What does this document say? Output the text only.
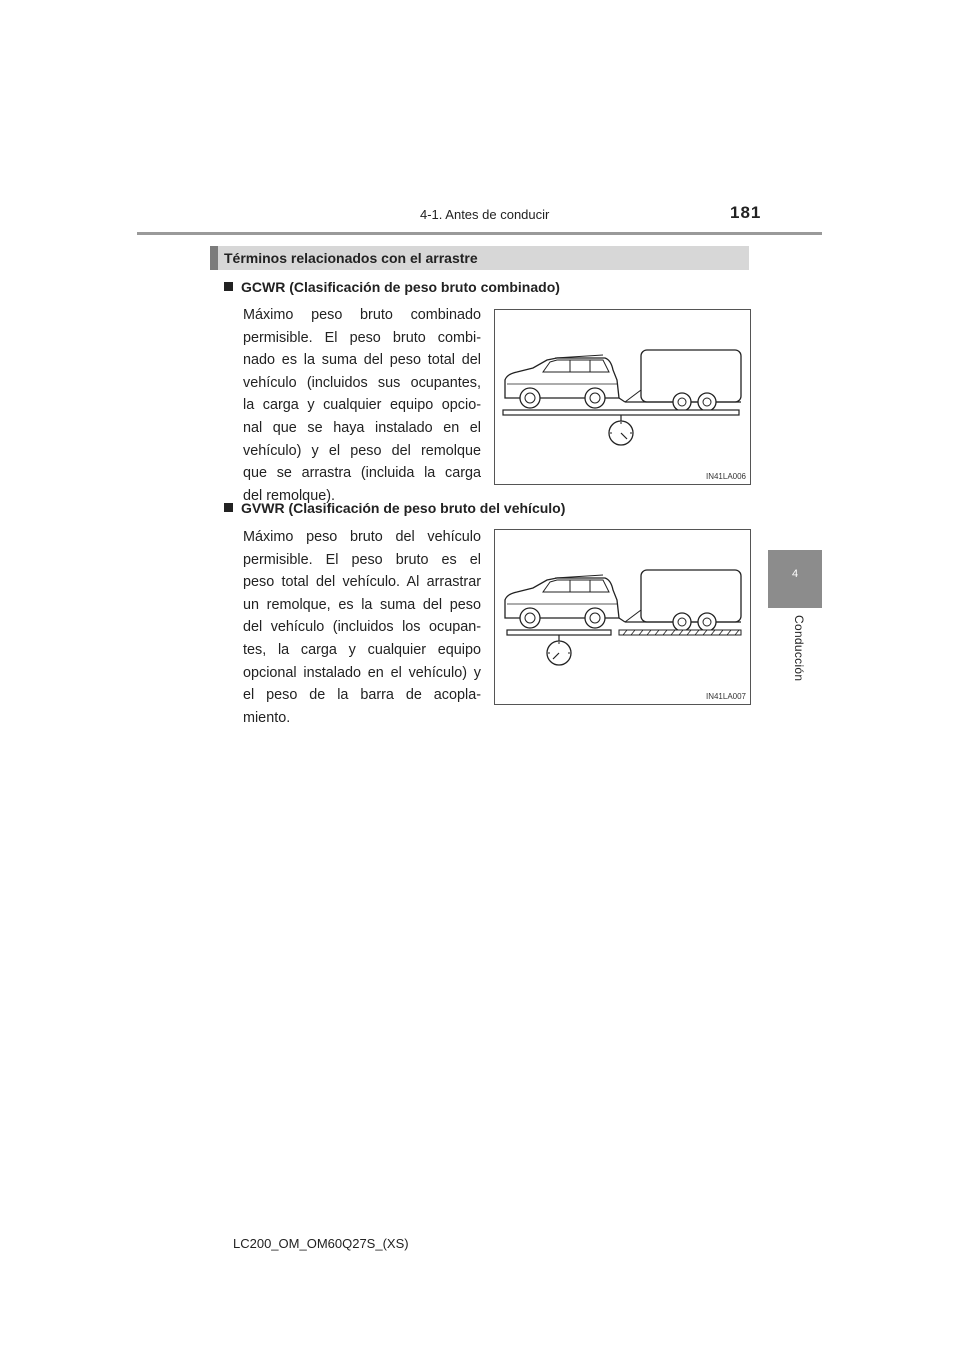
4-1. Antes de conducir	181
4
Conducción
Términos relacionados con el arrastre
GCWR (Clasificación de peso bruto combinado)
Máximo peso bruto combinado
permisible. El peso bruto combi-
nado es la suma del peso total del
vehículo (incluidos sus ocupantes,
la carga y cualquier equipo opcio-
nal que se haya instalado en el
vehículo) y el peso del remolque
que se arrastra (incluida la carga
del remolque).
IN41LA006
GVWR (Clasificación de peso bruto del vehículo)
Máximo peso bruto del vehículo
permisible. El peso bruto es el
peso total del vehículo. Al arrastrar
un remolque, es la suma del peso
del vehículo (incluidos los ocupan-
tes, la carga y cualquier equipo
opcional instalado en el vehículo) y
el peso de la barra de acopla-
miento.
IN41LA007
LC200_OM_OM60Q27S_(XS)
